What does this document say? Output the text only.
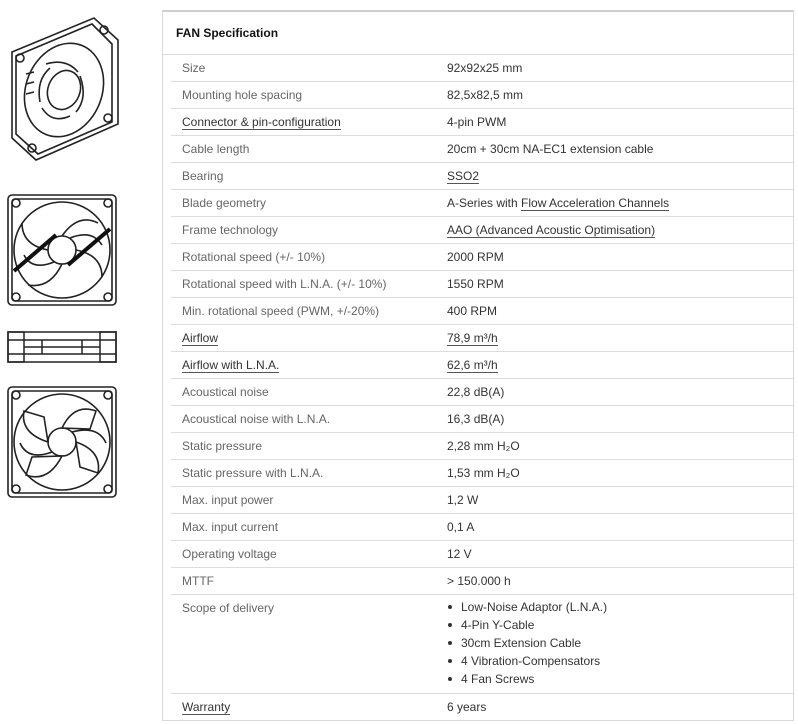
FAN Specification
Size	92x92x25 mm
Mounting hole spacing	82,5x82,5 mm
Connector & pin-configuration	4-pin PWM
Cable length	20cm + 30cm NA-EC1 extension cable
Bearing	SSO2
Blade geometry	A-Series with Flow Acceleration Channels
Frame technology	AAO (Advanced Acoustic Optimisation)
Rotational speed (+/- 10%)	2000 RPM
Rotational speed with L.N.A. (+/- 10%)	1550 RPM
Min. rotational speed (PWM, +/-20%)	400 RPM
Airflow	78,9 m³/h
Airflow with L.N.A.	62,6 m³/h
Acoustical noise	22,8 dB(A)
Acoustical noise with L.N.A.	16,3 dB(A)
Static pressure	2,28 mm H₂O
Static pressure with L.N.A.	1,53 mm H₂O
Max. input power	1,2 W
Max. input current	0,1 A
Operating voltage	12 V
MTTF	> 150.000 h
Scope of delivery	Low-Noise Adaptor (L.N.A.)
4-Pin Y-Cable
30cm Extension Cable
4 Vibration-Compensators
4 Fan Screws
Warranty	6 years
